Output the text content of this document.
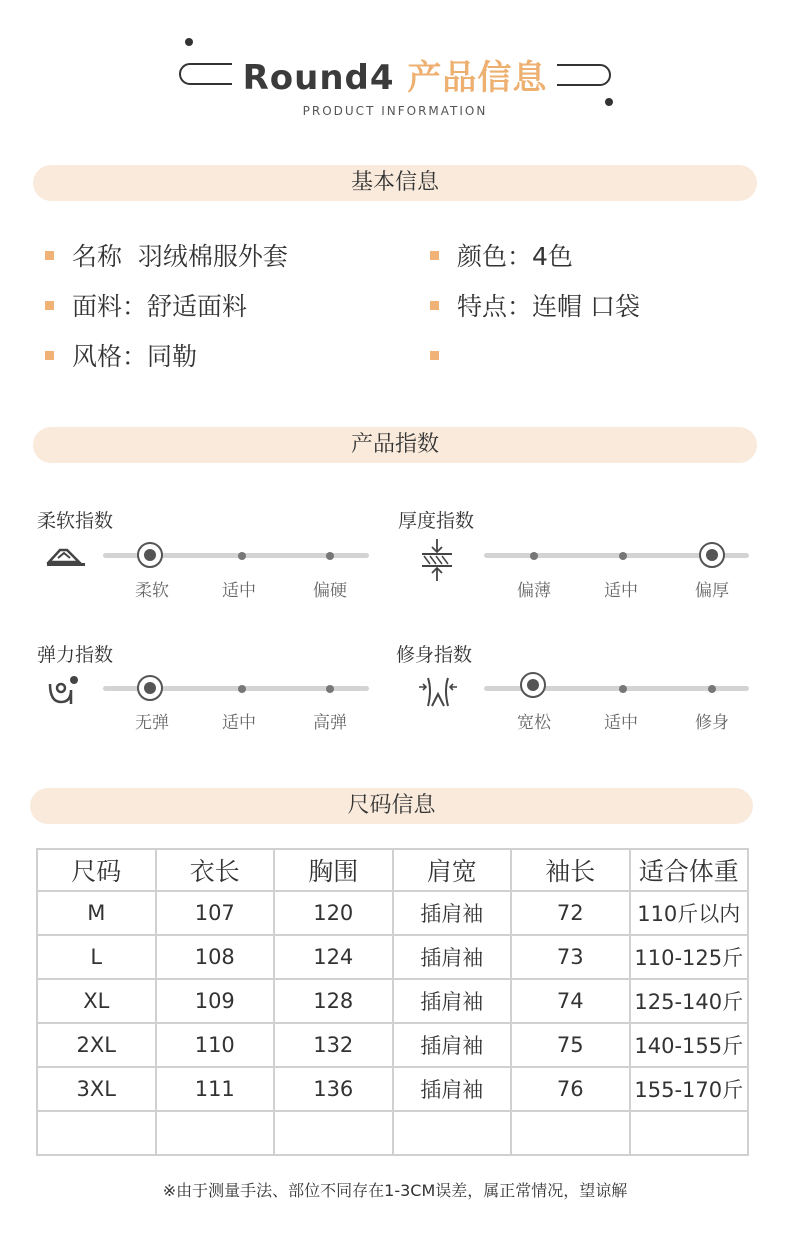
Round4 产品信息
PRODUCT INFORMATION
基本信息
名称  羽绒棉服外套	颜色：4色
面料：舒适面料	特点：连帽 口袋
风格：同勒
产品指数
柔软指数
柔软	适中	偏硬
厚度指数
偏薄	适中	偏厚
弹力指数
无弹	适中	高弹
修身指数
宽松	适中	修身
尺码信息
尺码	衣长	胸围	肩宽	袖长	适合体重
M	107	120	插肩袖	72	110斤以内
L	108	124	插肩袖	73	110-125斤
XL	109	128	插肩袖	74	125-140斤
2XL	110	132	插肩袖	75	140-155斤
3XL	111	136	插肩袖	76	155-170斤

※由于测量手法、部位不同存在1-3CM误差，属正常情况，望谅解
